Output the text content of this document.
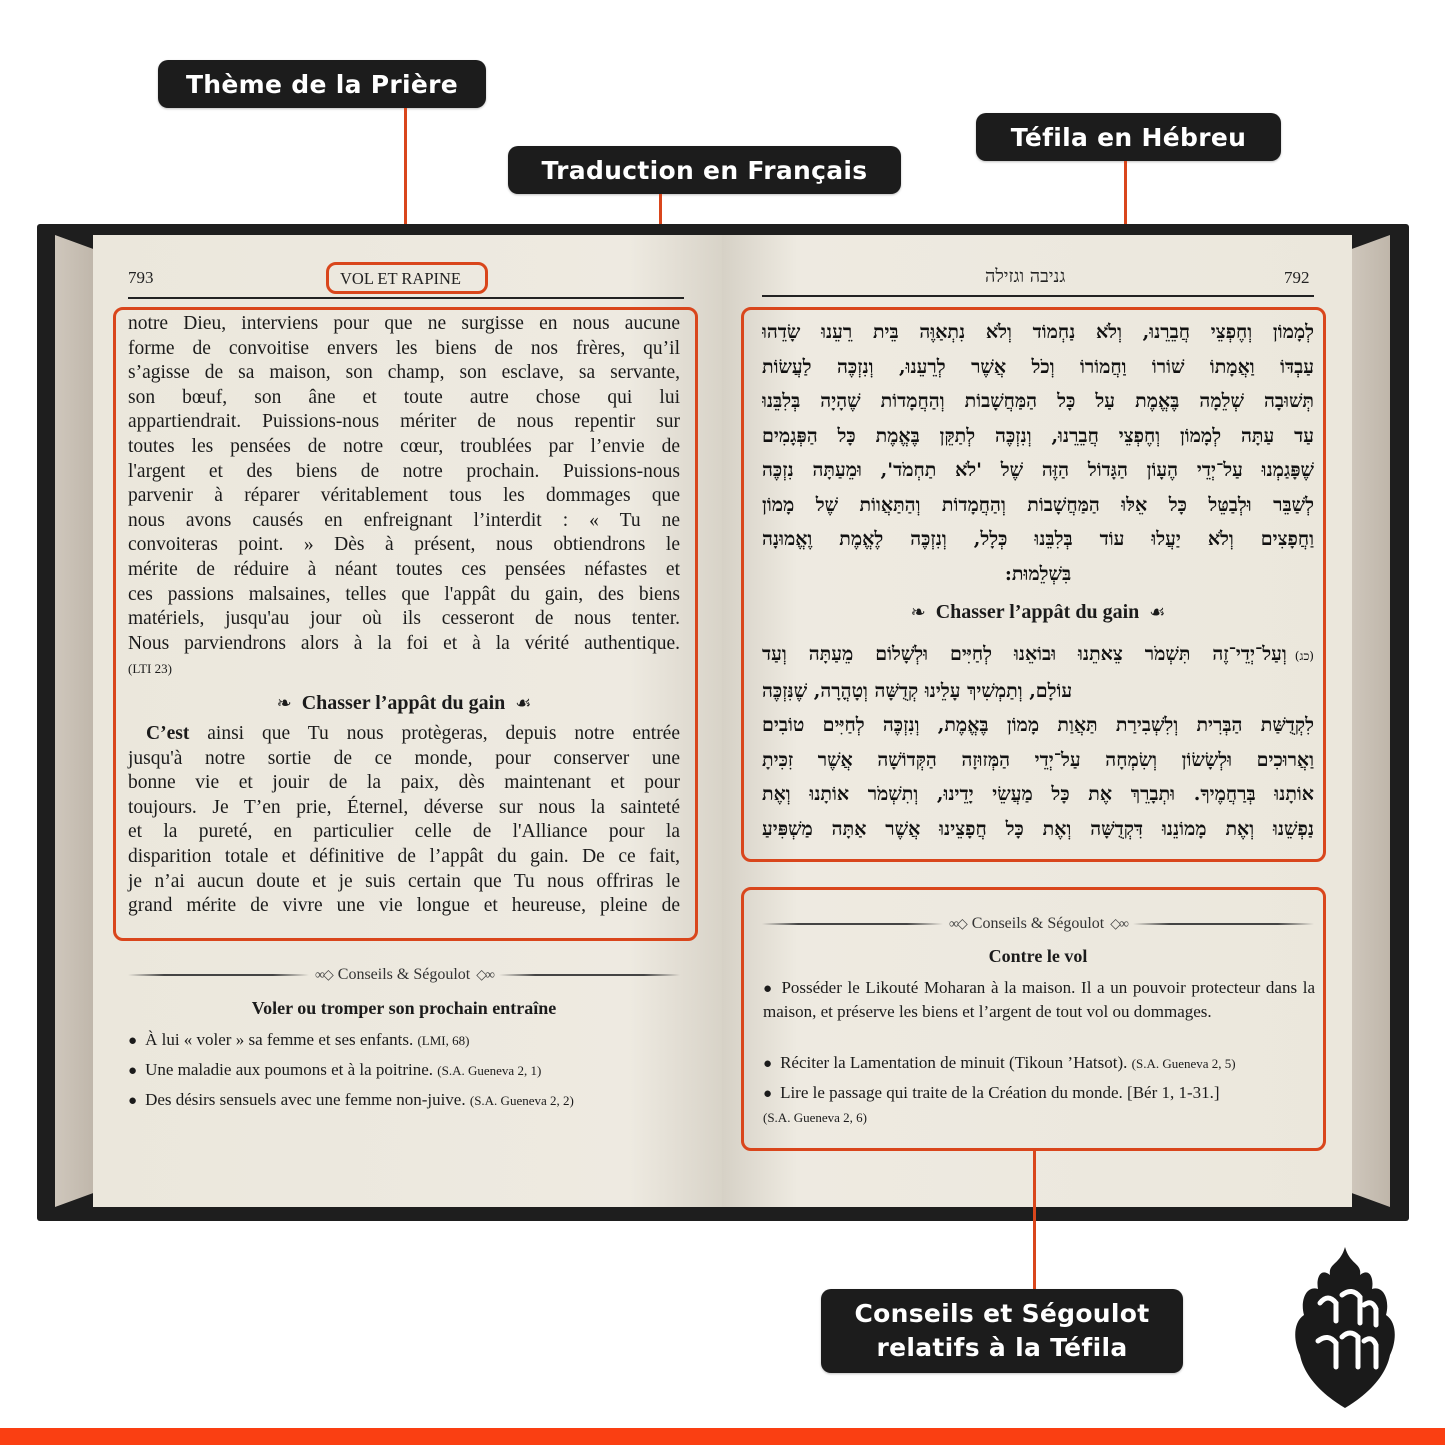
Thème de la Prière
Traduction en Français
Téfila en Hébreu
793	VOL ET RAPINE
notre Dieu, interviens pour que ne surgisse en nous aucune
forme de convoitise envers les biens de nos frères, qu’il
s’agisse de sa maison, son champ, son esclave, sa servante,
son bœuf, son âne et toute autre chose qui lui
appartiendrait. Puissions-nous mériter de nous repentir sur
toutes les pensées de notre cœur, troublées par l’envie de
l'argent et des biens de notre prochain. Puissions-nous
parvenir à réparer véritablement tous les dommages que
nous avons causés en enfreignant l’interdit : « Tu ne
convoiteras point. » Dès à présent, nous obtiendrons le
mérite de réduire à néant toutes ces pensées néfastes et
ces passions malsaines, telles que l'appât du gain, des biens
matériels, jusqu'au jour où ils cesseront de nous tenter.
Nous parviendrons alors à la foi et à la vérité authentique.
(LTI 23)
❧ Chasser l’appât du gain ☙
C’est ainsi que Tu nous protègeras, depuis notre entrée
jusqu'à notre sortie de ce monde, pour conserver une
bonne vie et jouir de la paix, dès maintenant et pour
toujours. Je T’en prie, Éternel, déverse sur nous la sainteté
et la pureté, en particulier celle de l'Alliance pour la
disparition totale et définitive de l’appât du gain. De ce fait,
je n’ai aucun doute et je suis certain que Tu nous offriras le
grand mérite de vivre une vie longue et heureuse, pleine de
∞◇ Conseils & Ségoulot ◇∞
Voler ou tromper son prochain entraîne
● À lui « voler » sa femme et ses enfants. (LMI, 68)
● Une maladie aux poumons et à la poitrine. (S.A. Gueneva 2, 1)
● Des désirs sensuels avec une femme non-juive. (S.A. Gueneva 2, 2)
792
גניבה וגזילה
לְמָמוֹן וְחֶפְצֵי חֲבֵרֵנוּ, וְלֹא נַחְמוֹד וְלֹא נִתְאַוֶּה בֵּית רֵעֵנוּ שָׂדֵהוּ
עַבְדּוֹ וַאֲמָתוֹ שׁוֹרוֹ וַחֲמוֹרוֹ וְכֹל אֲשֶׁר לְרֵעֵנוּ, וְנִזְכֶּה לַעֲשׂוֹת
תְּשׁוּבָה שְׁלֵמָה בֶּאֱמֶת עַל כָּל הַמַּחֲשָׁבוֹת וְהַחֲמָדוֹת שֶׁהָיָה בְּלִבֵּנוּ
עַד עַתָּה לְמָמוֹן וְחֶפְצֵי חֲבֵרֵנוּ, וְנִזְכֶּה לְתַקֵּן בֶּאֱמֶת כָּל הַפְּגָמִים
שֶׁפָּגַמְנוּ עַל־יְדֵי הֶעָוֹן הַגָּדוֹל הַזֶּה שֶׁל 'לֹא תַחְמֹד', וּמֵעַתָּה נִזְכֶּה
לְשַׁבֵּר וּלְבַטֵּל כָּל אֵלּוּ הַמַּחֲשָׁבוֹת וְהַחֲמָדוֹת וְהַתַּאֲווֹת שֶׁל מָמוֹן
וַחֲפָצִים וְלֹא יַעֲלוּ עוֹד בְּלִבֵּנוּ כְּלָל, וְנִזְכֶּה לֶאֱמֶת וֶאֱמוּנָה
בִּשְׁלֵמוּת:
❧ Chasser l’appât du gain ☙
(כג)וְעַל־יְדֵי־זֶה תִּשְׁמֹר צֵאתֵנוּ וּבוֹאֵנוּ לְחַיִּים וּלְשָׁלוֹם מֵעַתָּה וְעַד
עוֹלָם, וְתַמְשִׁיךְ עָלֵינוּ קְדֻשָּׁה וְטָהֳרָה, שֶׁנִּזְכֶּה
לִקְדֻשַּׁת הַבְּרִית וְלִשְׁבִירַת תַּאֲוַת מָמוֹן בֶּאֱמֶת, וְנִזְכֶּה לְחַיִּים טוֹבִים
וַאֲרוּכִים וּלְשָׂשׂוֹן וְשִׂמְחָה עַל־יְדֵי הַמְּזוּזָה הַקְּדוֹשָׁה אֲשֶׁר זִכִּיתָ
אוֹתָנוּ בְּרַחֲמֶיךָ. וּתְבָרֵךְ אֶת כָּל מַעֲשֵׂי יָדֵינוּ, וְתִשְׁמֹר אוֹתָנוּ וְאֶת
נַפְשֵׁנוּ וְאֶת מָמוֹנֵנוּ דִּקְדֻשָּׁה וְאֶת כָּל חֲפָצֵינוּ אֲשֶׁר אַתָּה מַשְׁפִּיעַ
∞◇ Conseils & Ségoulot ◇∞
Contre le vol
● Posséder le Likouté Moharan à la maison. Il a un pouvoir protecteur dans la maison, et préserve les biens et l’argent de tout vol ou dommages.
● Réciter la Lamentation de minuit (Tikoun ’Hatsot). (S.A. Gueneva 2, 5)
● Lire le passage qui traite de la Création du monde. [Bér 1, 1-31.]
(S.A. Gueneva 2, 6)
Conseils et Ségoulot
relatifs à la Téfila
